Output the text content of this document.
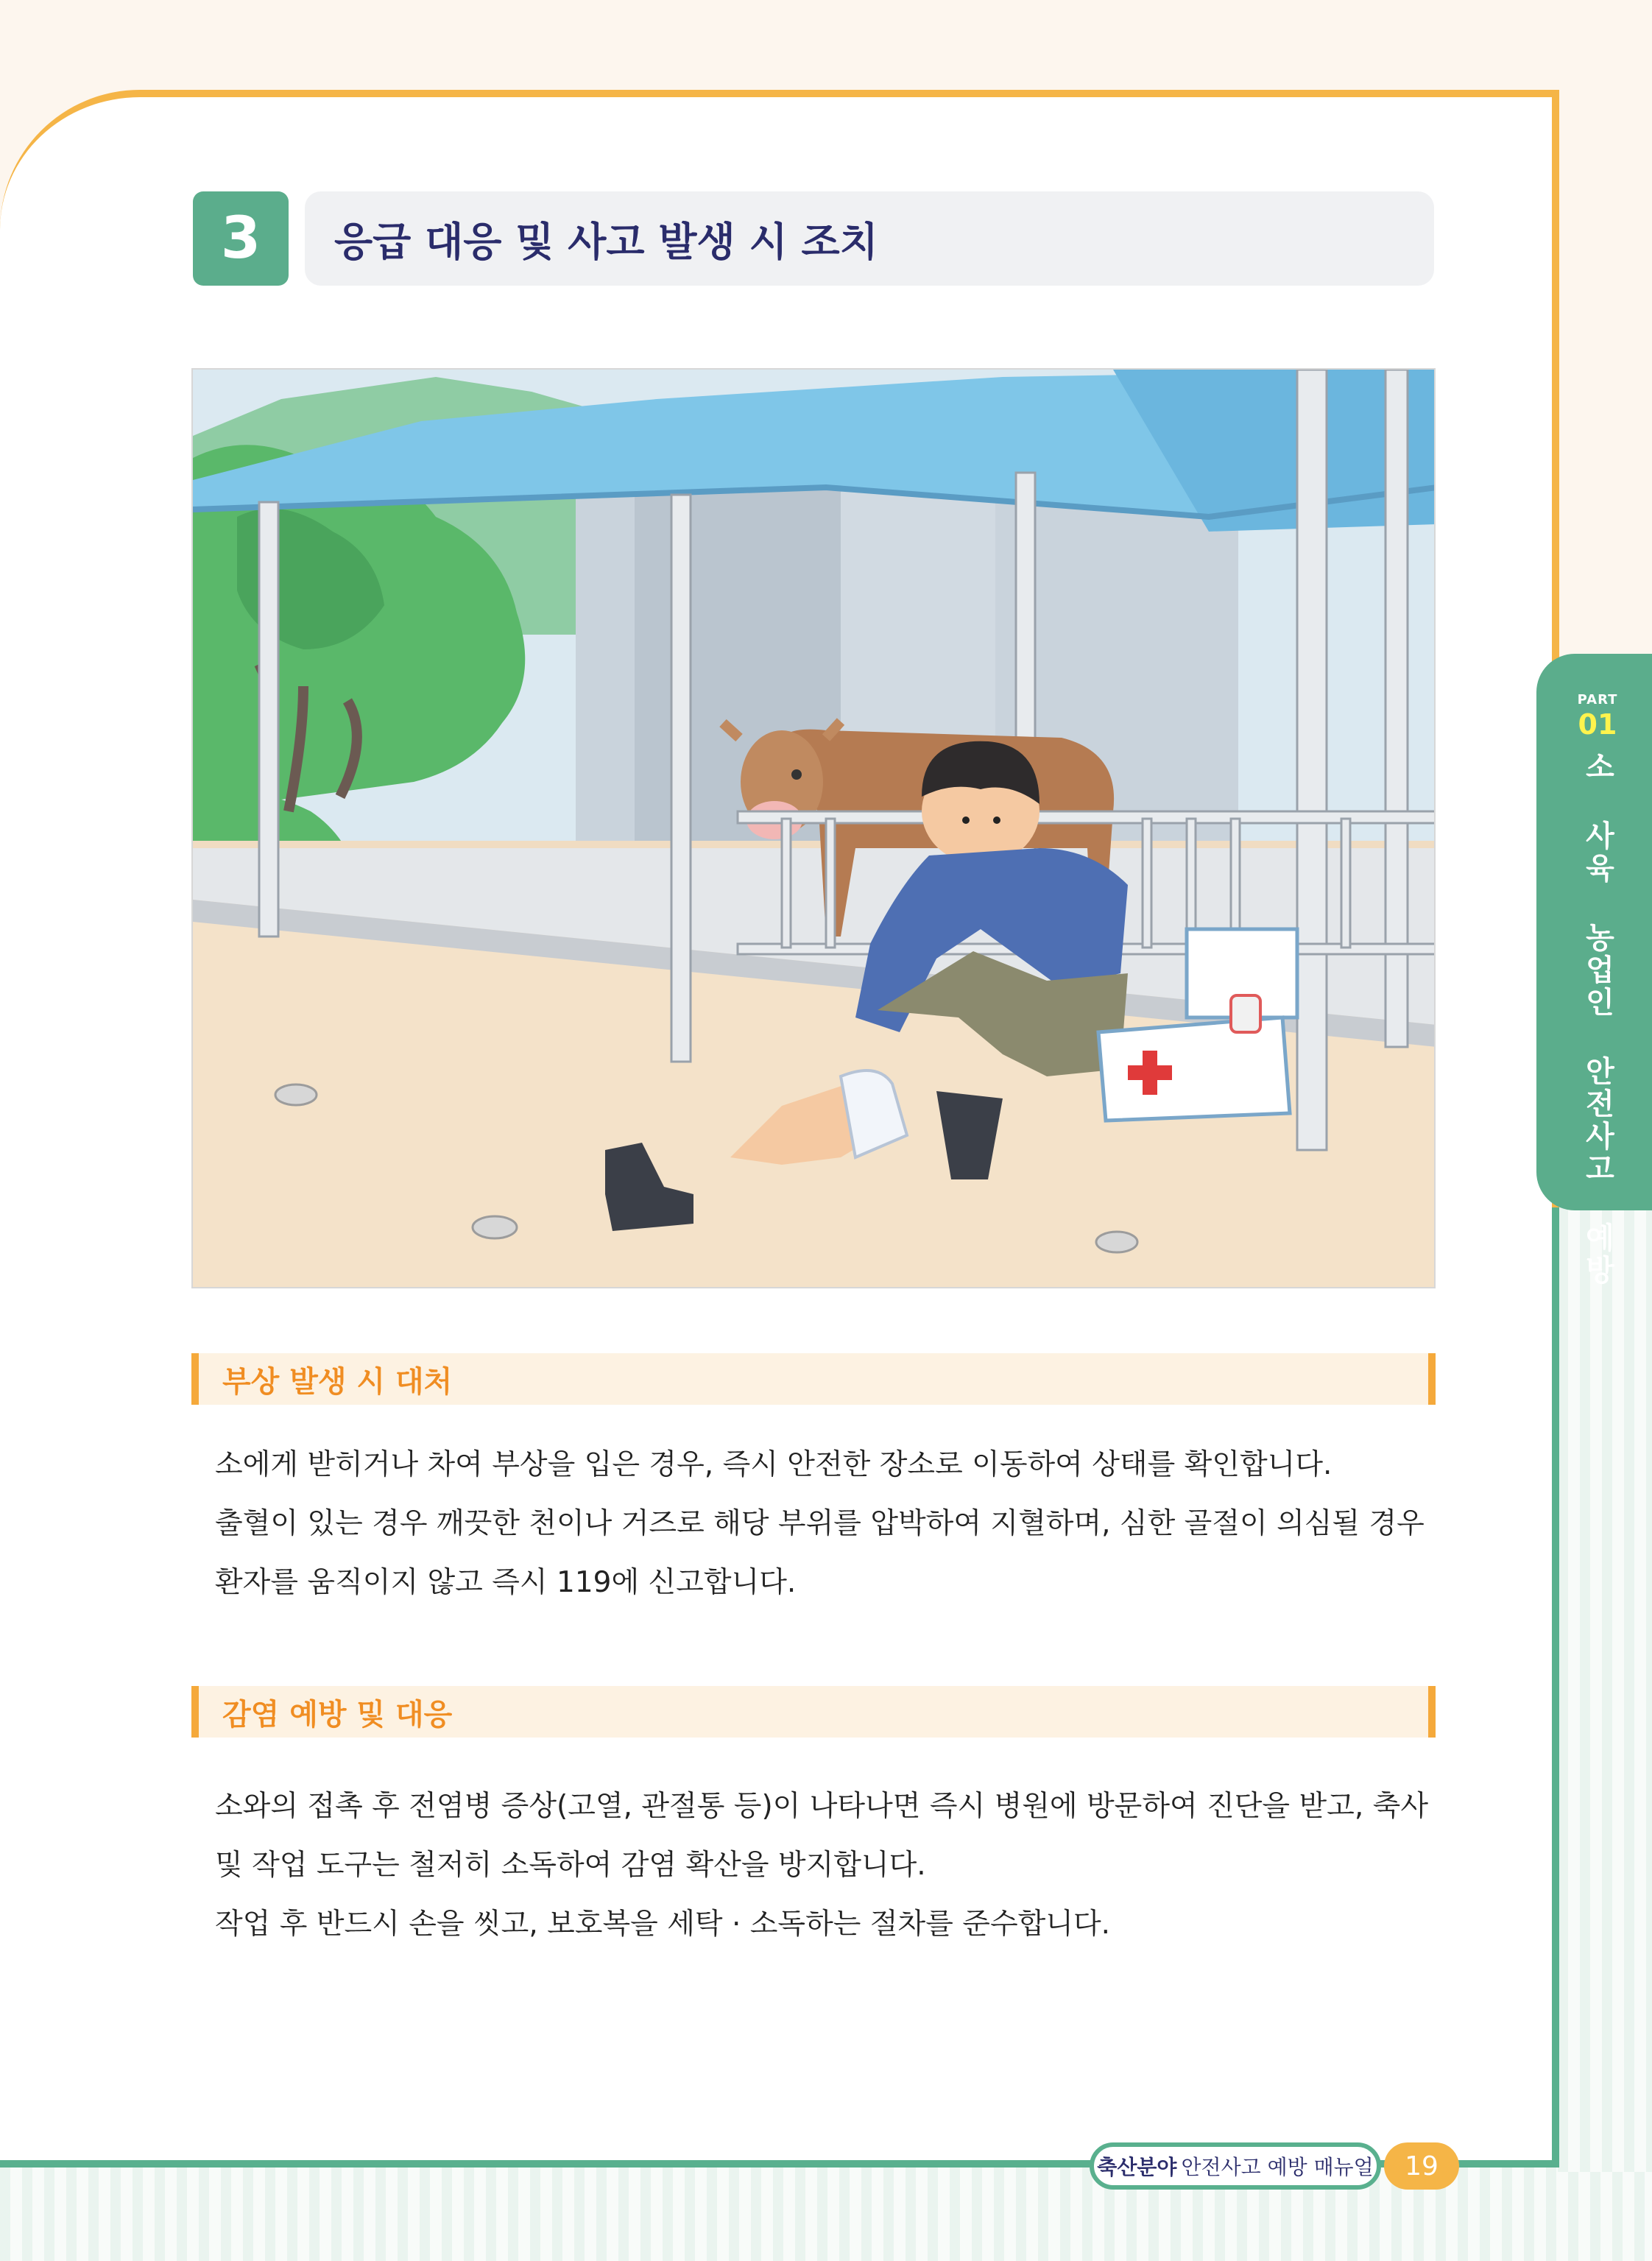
PART
01
소 사육 농업인 안전사고 예방
3	응급 대응 및 사고 발생 시 조치
부상 발생 시 대처

소에게 받히거나 차여 부상을 입은 경우, 즉시 안전한 장소로 이동하여 상태를 확인합니다.

출혈이 있는 경우 깨끗한 천이나 거즈로 해당 부위를 압박하여 지혈하며, 심한 골절이 의심될 경우

환자를 움직이지 않고 즉시 119에 신고합니다.

감염 예방 및 대응

소와의 접촉 후 전염병 증상(고열, 관절통 등)이 나타나면 즉시 병원에 방문하여 진단을 받고, 축사

및 작업 도구는 철저히 소독하여 감염 확산을 방지합니다.

작업 후 반드시 손을 씻고, 보호복을 세탁 · 소독하는 절차를 준수합니다.

축산분야 안전사고 예방 매뉴얼	19
